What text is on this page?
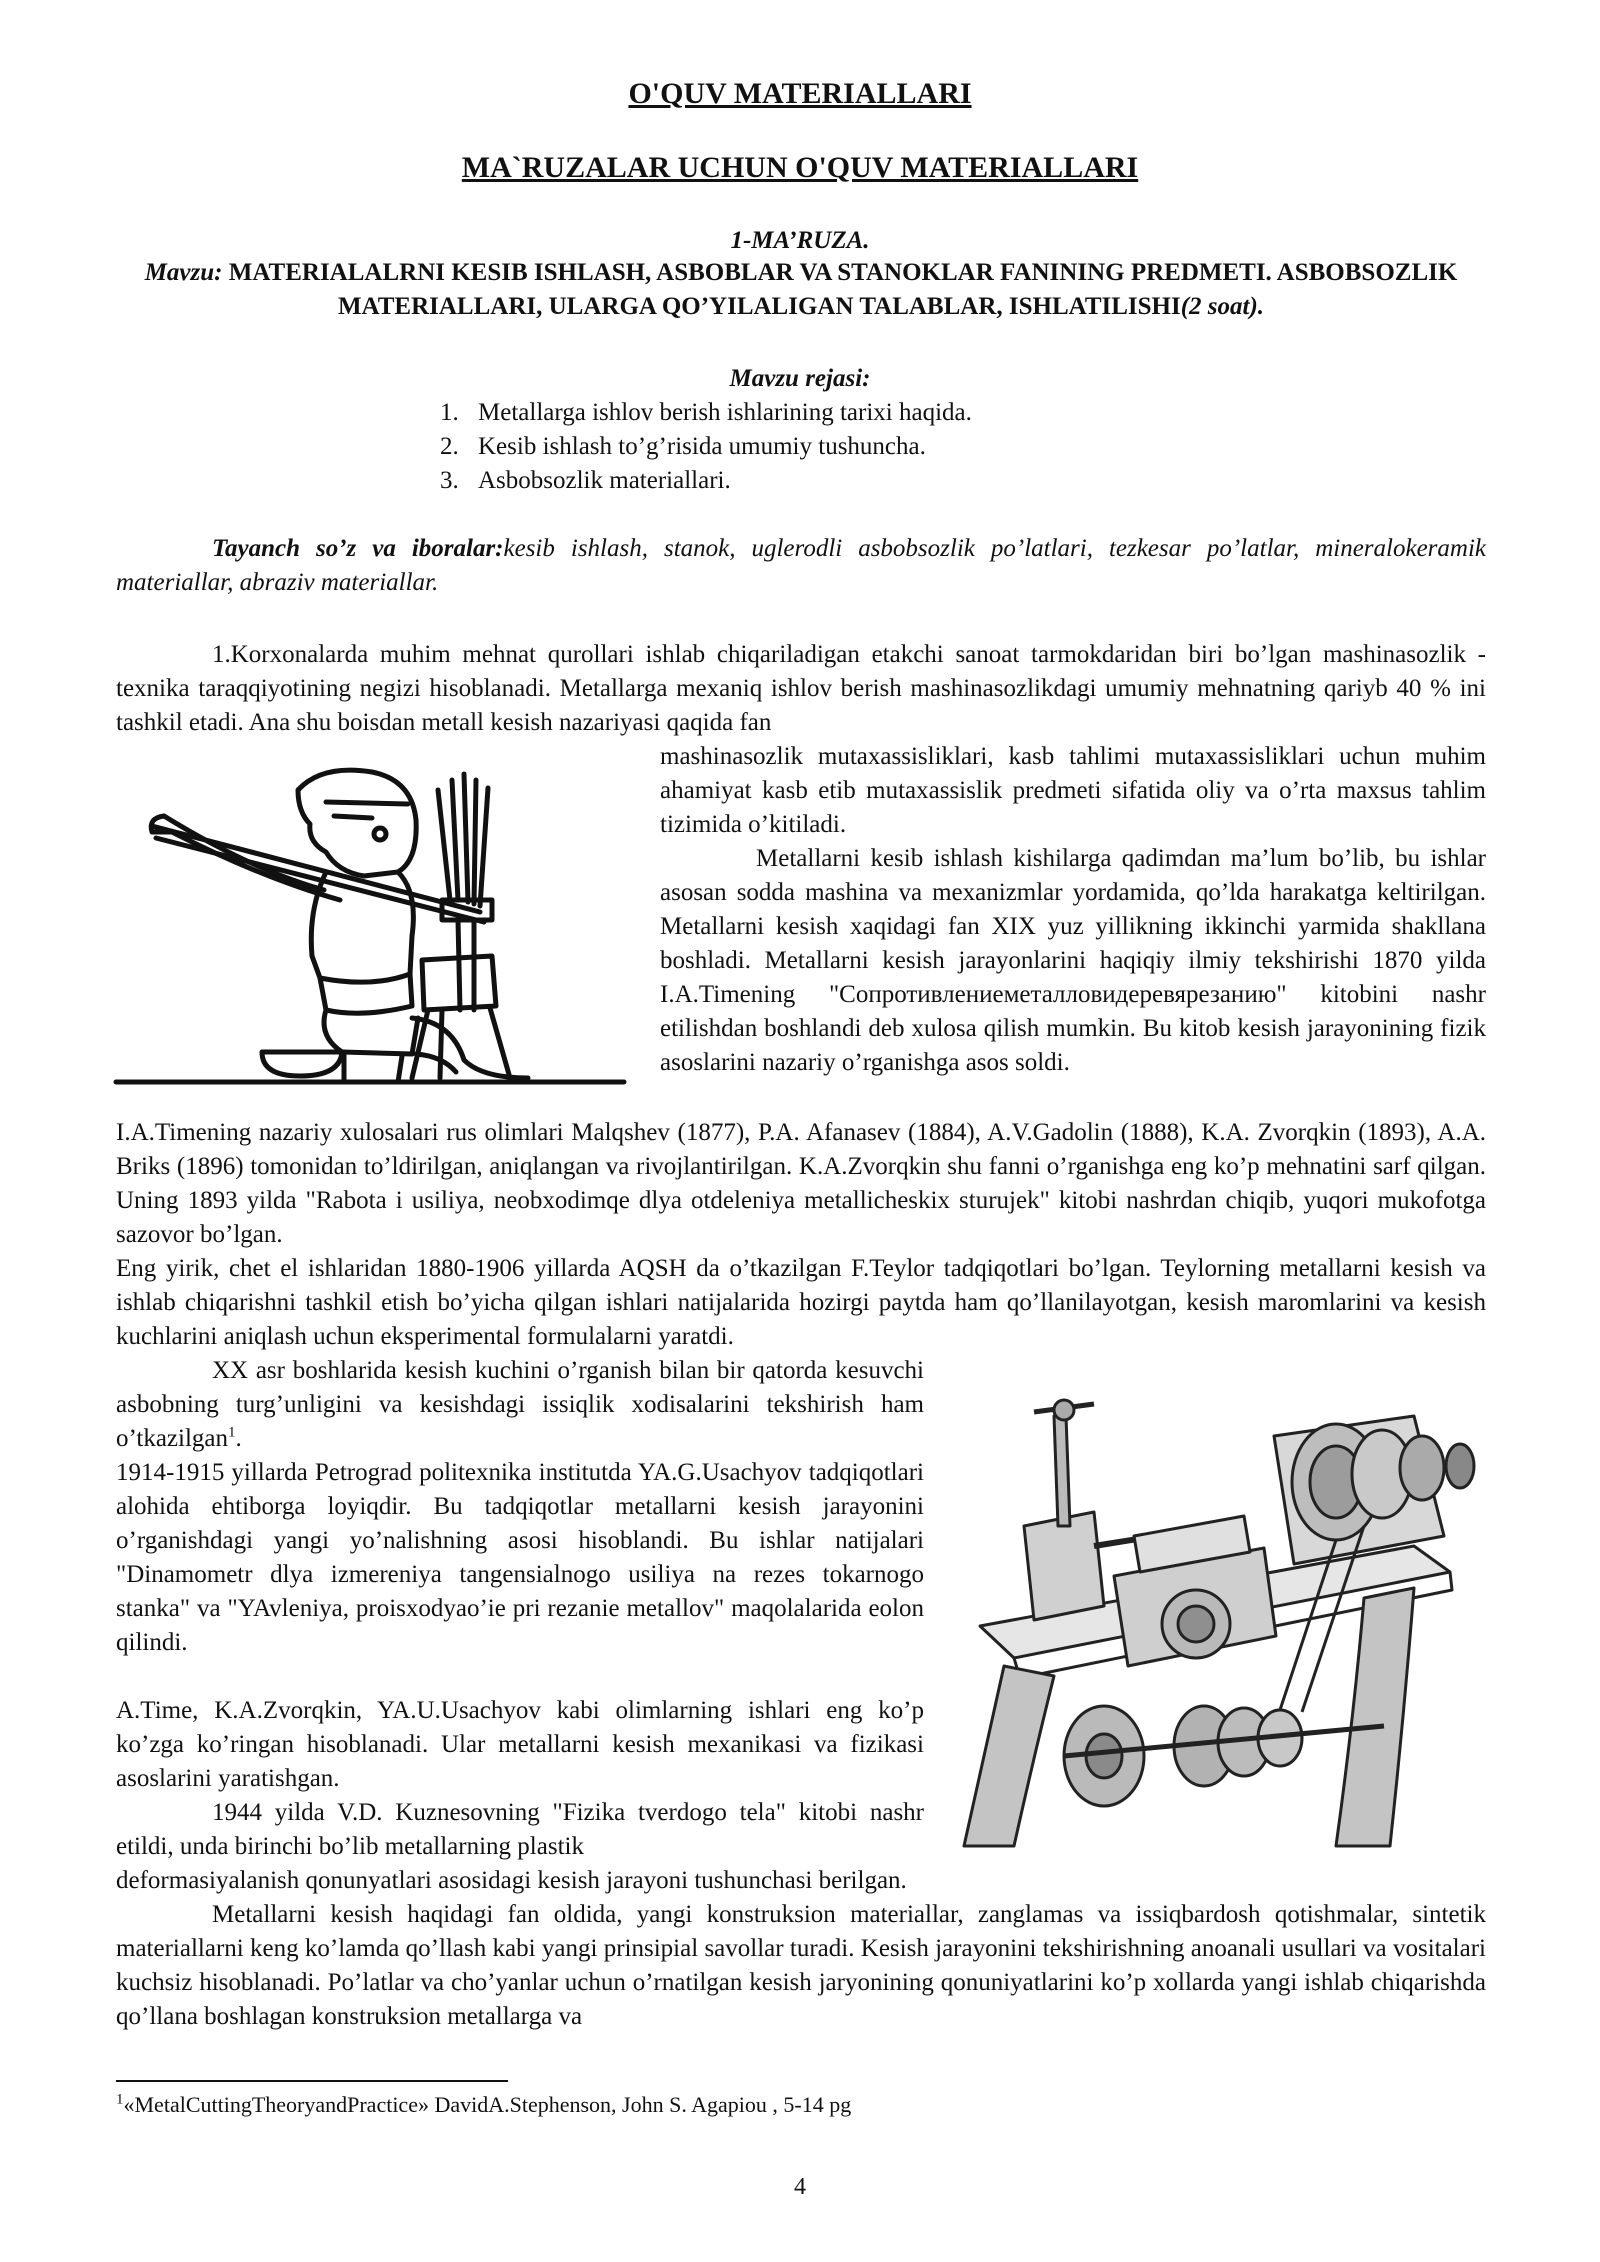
O'QUV MATERIALLARI
MA`RUZALAR UCHUN O'QUV MATERIALLARI
1-MA’RUZA.
Mavzu: MATERIALALRNI KESIB ISHLASH, ASBOBLAR VA STANOKLAR FANINING PREDMETI. ASBOBSOZLIK MATERIALLARI, ULARGA QO’YILALIGAN TALABLAR, ISHLATILISHI(2 soat).
Mavzu rejasi:
1. Metallarga ishlov berish ishlarining tarixi haqida.
2. Kesib ishlash to’g’risida umumiy tushuncha.
3. Asbobsozlik materiallari.
Tayanch so’z va iboralar:kesib ishlash, stanok, uglerodli asbobsozlik po’latlari, tezkesar po’latlar, mineralokeramik materiallar, abraziv materiallar.
1.Korxonalarda muhim mehnat qurollari ishlab chiqariladigan etakchi sanoat tarmokdaridan biri bo’lgan mashinasozlik - texnika taraqqiyotining negizi hisoblanadi. Metallarga mexaniq ishlov berish mashinasozlikdagi umumiy mehnatning qariyb 40 % ini tashkil etadi. Ana shu boisdan metall kesish nazariyasi qaqida fan
mashinasozlik mutaxassisliklari, kasb tahlimi mutaxassisliklari uchun muhim ahamiyat kasb etib mutaxassislik predmeti sifatida oliy va o’rta maxsus tahlim tizimida o’kitiladi.
Metallarni kesib ishlash kishilarga qadimdan ma’lum bo’lib, bu ishlar asosan sodda mashina va mexanizmlar yordamida, qo’lda harakatga keltirilgan. Metallarni kesish xaqidagi fan XIX yuz yillikning ikkinchi yarmida shakllana boshladi. Metallarni kesish jarayonlarini haqiqiy ilmiy tekshirishi 1870 yilda I.A.Timening "Сопротивлениеметалловидеревярезанию" kitobini nashr etilishdan boshlandi deb xulosa qilish mumkin. Bu kitob kesish jarayonining fizik asoslarini nazariy o’rganishga asos soldi.
I.A.Timening nazariy xulosalari rus olimlari Malqshev (1877), P.A. Afanasev (1884), A.V.Gadolin (1888), K.A. Zvorqkin (1893), A.A. Briks (1896) tomonidan to’ldirilgan, aniqlangan va rivojlantirilgan. K.A.Zvorqkin shu fanni o’rganishga eng ko’p mehnatini sarf qilgan. Uning 1893 yilda "Rabota i usiliya, neobxodimqe dlya otdeleniya metallicheskix sturujek" kitobi nashrdan chiqib, yuqori mukofotga sazovor bo’lgan.
Eng yirik, chet el ishlaridan 1880-1906 yillarda AQSH da o’tkazilgan F.Teylor tadqiqotlari bo’lgan. Teylorning metallarni kesish va ishlab chiqarishni tashkil etish bo’yicha qilgan ishlari natijalarida hozirgi paytda ham qo’llanilayotgan, kesish maromlarini va kesish kuchlarini aniqlash uchun eksperimental formulalarni yaratdi.
XX asr boshlarida kesish kuchini o’rganish bilan bir qatorda kesuvchi asbobning turg’unligini va kesishdagi issiqlik xodisalarini tekshirish ham o’tkazilgan$^1$.
1914-1915 yillarda Petrograd politexnika institutda YA.G.Usachyov tadqiqotlari alohida ehtiborga loyiqdir. Bu tadqiqotlar metallarni kesish jarayonini o’rganishdagi yangi yo’nalishning asosi hisoblandi. Bu ishlar natijalari "Dinamometr dlya izmereniya tangensialnogo usiliya na rezes tokarnogo stanka" va "YAvleniya, proisxodyao’ie pri rezanie metallov" maqolalarida eolon qilindi.
A.Time, K.A.Zvorqkin, YA.U.Usachyov kabi olimlarning ishlari eng ko’p ko’zga ko’ringan hisoblanadi. Ular metallarni kesish mexanikasi va fizikasi asoslarini yaratishgan.
1944 yilda V.D. Kuznesovning "Fizika tverdogo tela" kitobi nashr etildi, unda birinchi bo’lib metallarning plastik
deformasiyalanish qonunyatlari asosidagi kesish jarayoni tushunchasi berilgan.
Metallarni kesish haqidagi fan oldida, yangi konstruksion materiallar, zanglamas va issiqbardosh qotishmalar, sintetik materiallarni keng ko’lamda qo’llash kabi yangi prinsipial savollar turadi. Kesish jarayonini tekshirishning anoanali usullari va vositalari kuchsiz hisoblanadi. Po’latlar va cho’yanlar uchun o’rnatilgan kesish jaryonining qonuniyatlarini ko’p xollarda yangi ishlab chiqarishda qo’llana boshlagan konstruksion metallarga va
$^1$«MetalCuttingTheoryandPractice» DavidA.Stephenson, John S. Agapiou , 5-14 pg
4
